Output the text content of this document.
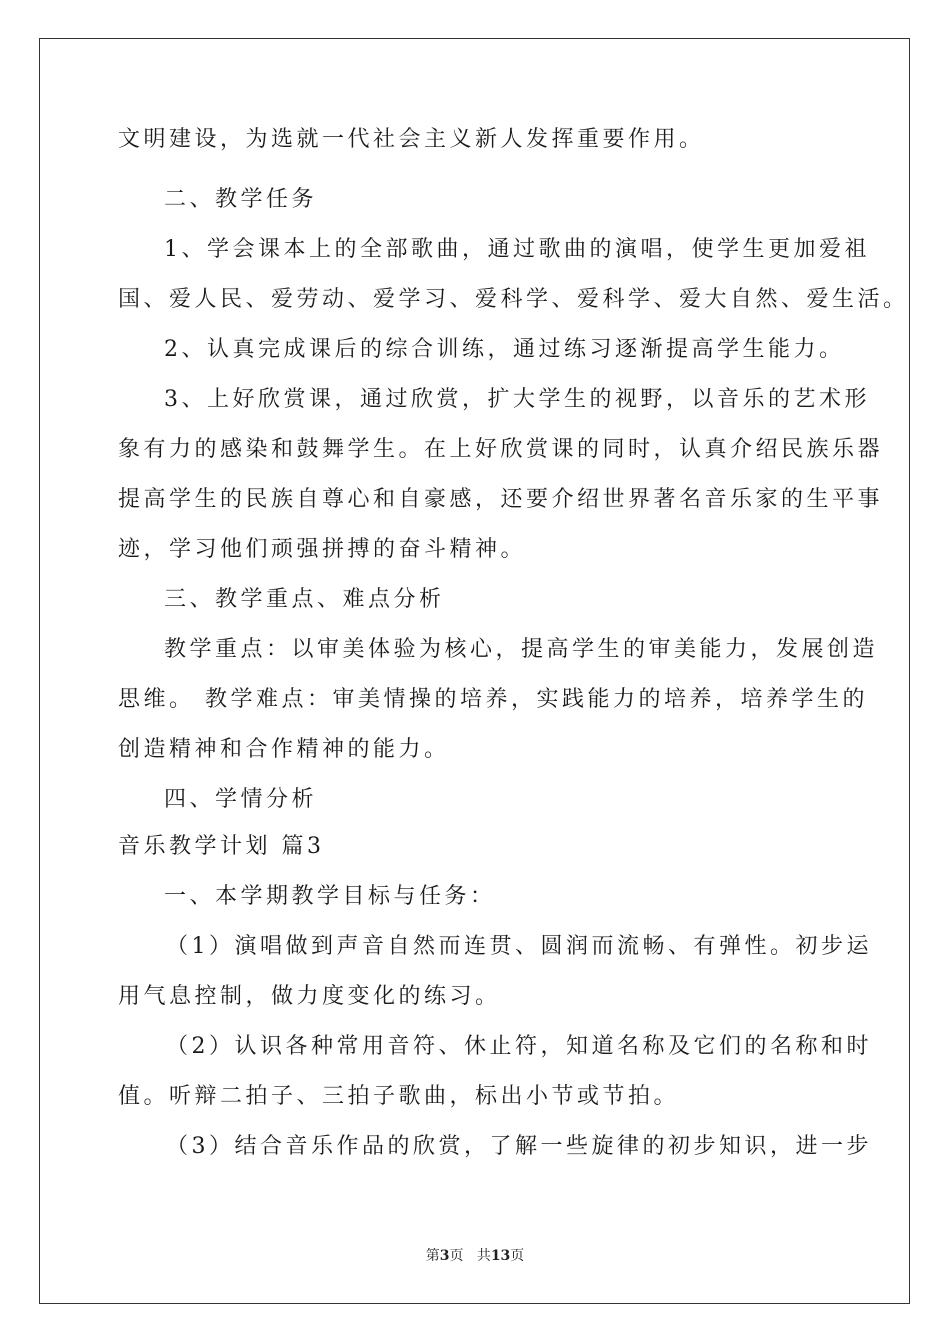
文明建设，为选就一代社会主义新人发挥重要作用。
二、教学任务
1、学会课本上的全部歌曲，通过歌曲的演唱，使学生更加爱祖
国、爱人民、爱劳动、爱学习、爱科学、爱科学、爱大自然、爱生活。
2、认真完成课后的综合训练，通过练习逐渐提高学生能力。
3、上好欣赏课，通过欣赏，扩大学生的视野，以音乐的艺术形
象有力的感染和鼓舞学生。在上好欣赏课的同时，认真介绍民族乐器
提高学生的民族自尊心和自豪感，还要介绍世界著名音乐家的生平事
迹，学习他们顽强拼搏的奋斗精神。
三、教学重点、难点分析
教学重点：以审美体验为核心，提高学生的审美能力，发展创造
思维。 教学难点：审美情操的培养，实践能力的培养，培养学生的
创造精神和合作精神的能力。
四、学情分析
音乐教学计划 篇3
一、本学期教学目标与任务：
（1）演唱做到声音自然而连贯、圆润而流畅、有弹性。初步运
用气息控制，做力度变化的练习。
（2）认识各种常用音符、休止符，知道名称及它们的名称和时
值。听辩二拍子、三拍子歌曲，标出小节或节拍。
（3）结合音乐作品的欣赏，了解一些旋律的初步知识，进一步
第3页 共13页
